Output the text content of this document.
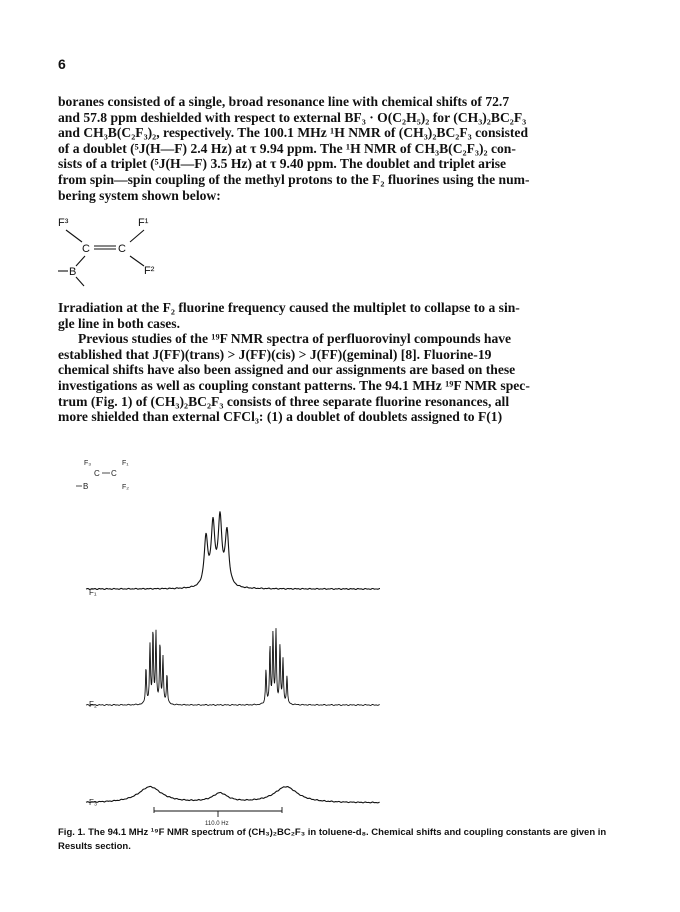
6

boranes consisted of a single, broad resonance line with chemical shifts of 72.7

and 57.8 ppm deshielded with respect to external BF₃ · O(C₂H₅)₂ for (CH₃)₂BC₂F₃

and CH₃B(C₂F₃)₂, respectively. The 100.1 MHz ¹H NMR of (CH₃)₂BC₂F₃ consisted

of a doublet (⁵J(H—F) 2.4 Hz) at τ 9.94 ppm. The ¹H NMR of CH₃B(C₂F₃)₂ con-

sists of a triplet (⁵J(H—F) 3.5 Hz) at τ 9.40 ppm. The doublet and triplet arise

from spin—spin coupling of the methyl protons to the F₂ fluorines using the num-

bering system shown below:

F³	F¹
C	C
F²
B

Irradiation at the F₂ fluorine frequency caused the multiplet to collapse to a sin-

gle line in both cases.

Previous studies of the ¹⁹F NMR spectra of perfluorovinyl compounds have

established that J(FF)(trans) > J(FF)(cis) > J(FF)(geminal) [8]. Fluorine-19

chemical shifts have also been assigned and our assignments are based on these

investigations as well as coupling constant patterns. The 94.1 MHz ¹⁹F NMR spec-

trum (Fig. 1) of (CH₃)₂BC₂F₃ consists of three separate fluorine resonances, all

more shielded than external CFCl₃: (1) a doublet of doublets assigned to F(1)

F₃	F₁
C C
B	F₂
F₁
F₂
F₃
110.0 Hz

Fig. 1. The 94.1 MHz ¹⁹F NMR spectrum of (CH₃)₂BC₂F₃ in toluene-d₈. Chemical shifts and coupling constants are given in Results section.
